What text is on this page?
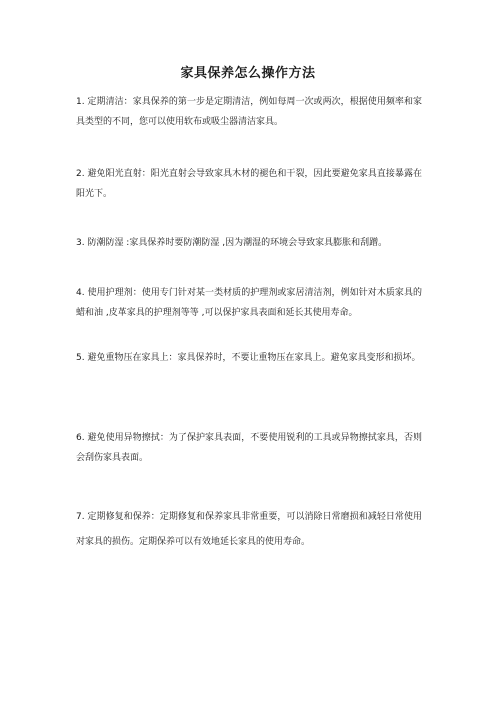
家具保养怎么操作方法

1. 定期清洁：家具保养的第一步是定期清洁，例如每周一次或两次，根据使用频率和家具类型的不同，您可以使用软布或吸尘器清洁家具。

2. 避免阳光直射：阳光直射会导致家具木材的褪色和干裂，因此要避免家具直接暴露在阳光下。

3. 防潮防湿 :家具保养时要防潮防湿 ,因为潮湿的环境会导致家具膨胀和刮蹭。

4. 使用护理剂：使用专门针对某一类材质的护理剂或家居清洁剂，例如针对木质家具的蜡和油 ,皮革家具的护理剂等等 ,可以保护家具表面和延长其使用寿命。

5. 避免重物压在家具上：家具保养时，不要让重物压在家具上。避免家具变形和损坏。

6. 避免使用异物擦拭：为了保护家具表面，不要使用锐利的工具或异物擦拭家具，否则会刮伤家具表面。

7. 定期修复和保养：定期修复和保养家具非常重要，可以消除日常磨损和减轻日常使用对家具的损伤。定期保养可以有效地延长家具的使用寿命。
